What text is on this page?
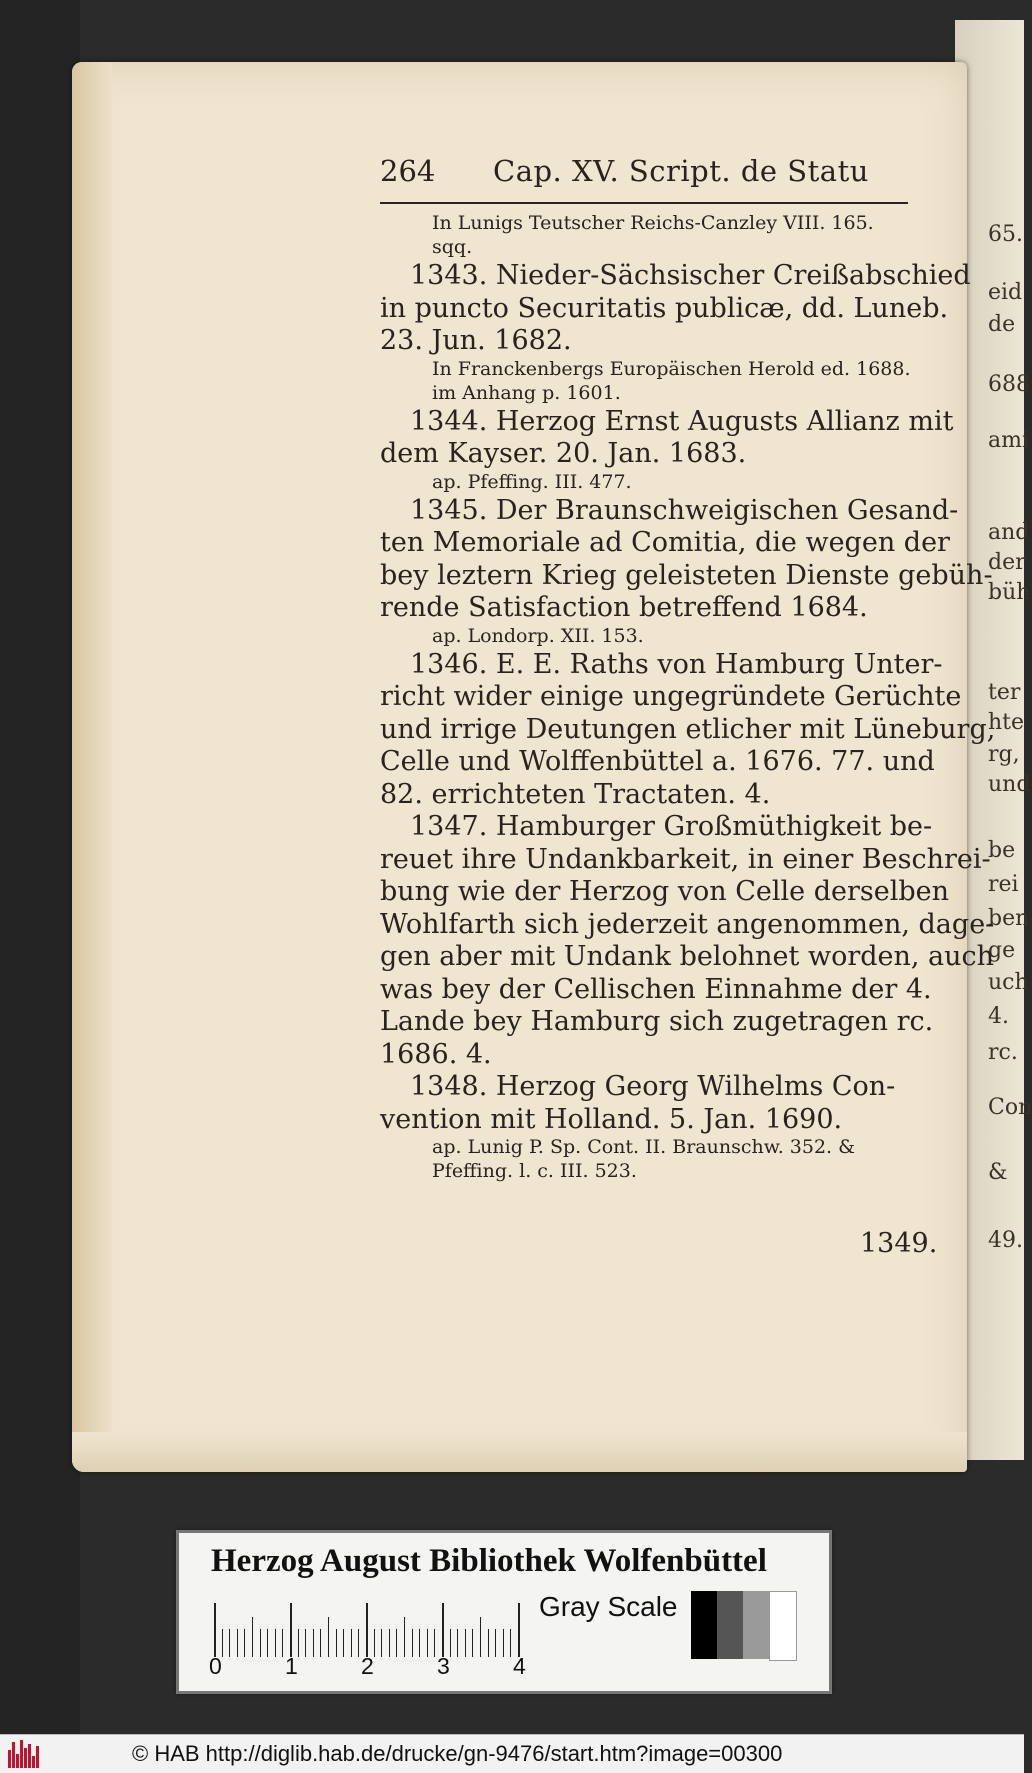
65.
eid
de
688
ami
and
der
büh
ter
hte
rg,
und
be
rei
ben
ge
uch
4.
rc.
Con
&
49.
264 Cap. XV. Script. de Statu
In Lunigs Teutscher Reichs-Canzley VIII. 165.
sqq.
1343. Nieder-Sächsischer Creißabschied
in puncto Securitatis publicæ, dd. Luneb.
23. Jun. 1682.
In Franckenbergs Europäischen Herold ed. 1688.
im Anhang p. 1601.
1344. Herzog Ernst Augusts Allianz mit
dem Kayser. 20. Jan. 1683.
ap. Pfeffing. III. 477.
1345. Der Braunschweigischen Gesand-
ten Memoriale ad Comitia, die wegen der
bey leztern Krieg geleisteten Dienste gebüh-
rende Satisfaction betreffend 1684.
ap. Londorp. XII. 153.
1346. E. E. Raths von Hamburg Unter-
richt wider einige ungegründete Gerüchte
und irrige Deutungen etlicher mit Lüneburg,
Celle und Wolffenbüttel a. 1676. 77. und
82. errichteten Tractaten. 4.
1347. Hamburger Großmüthigkeit be-
reuet ihre Undankbarkeit, in einer Beschrei-
bung wie der Herzog von Celle derselben
Wohlfarth sich jederzeit angenommen, dage-
gen aber mit Undank belohnet worden, auch
was bey der Cellischen Einnahme der 4.
Lande bey Hamburg sich zugetragen rc.
1686. 4.
1348. Herzog Georg Wilhelms Con-
vention mit Holland. 5. Jan. 1690.
ap. Lunig P. Sp. Cont. II. Braunschw. 352. &
Pfeffing. l. c. III. 523.
1349.
Herzog August Bibliothek Wolfenbüttel
0	1	2	3	4
Gray Scale
© HAB http://diglib.hab.de/drucke/gn-9476/start.htm?image=00300
